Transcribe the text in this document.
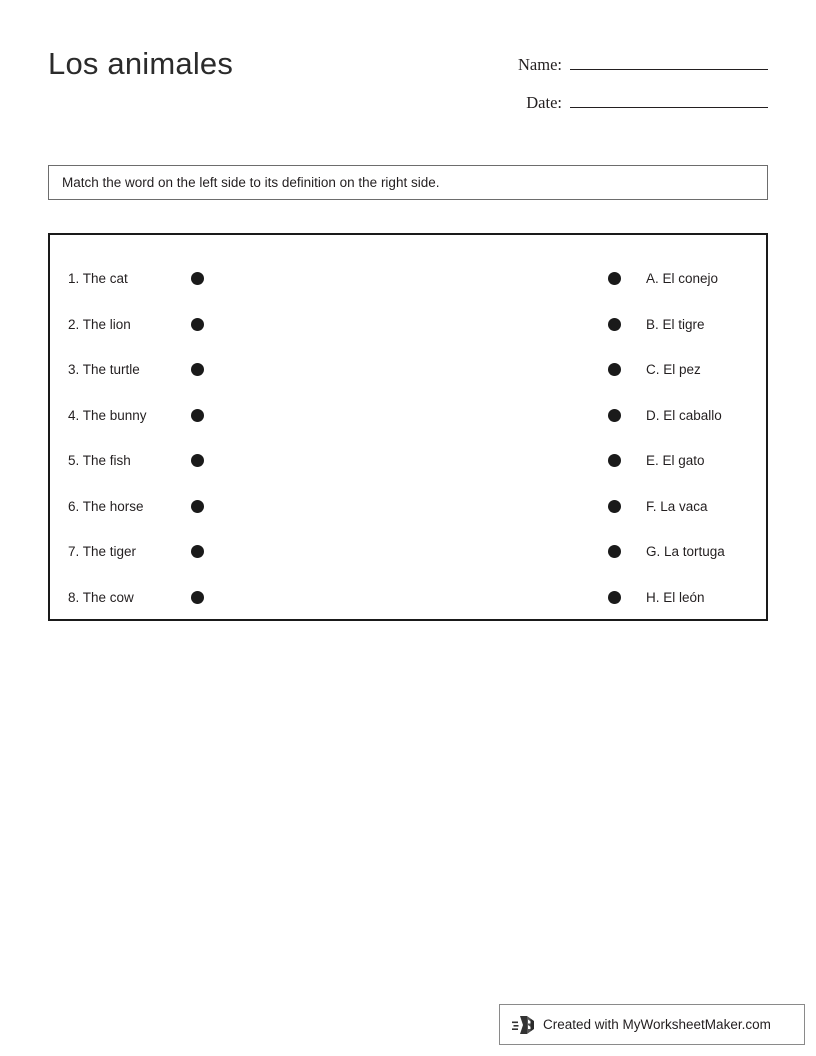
Los animales	Name:
Date:
Match the word on the left side to its definition on the right side.
1. The cat
2. The lion
3. The turtle
4. The bunny
5. The fish
6. The horse
7. The tiger
8. The cow
A. El conejo
B. El tigre
C. El pez
D. El caballo
E. El gato
F. La vaca
G. La tortuga
H. El león
Created with MyWorksheetMaker.com
